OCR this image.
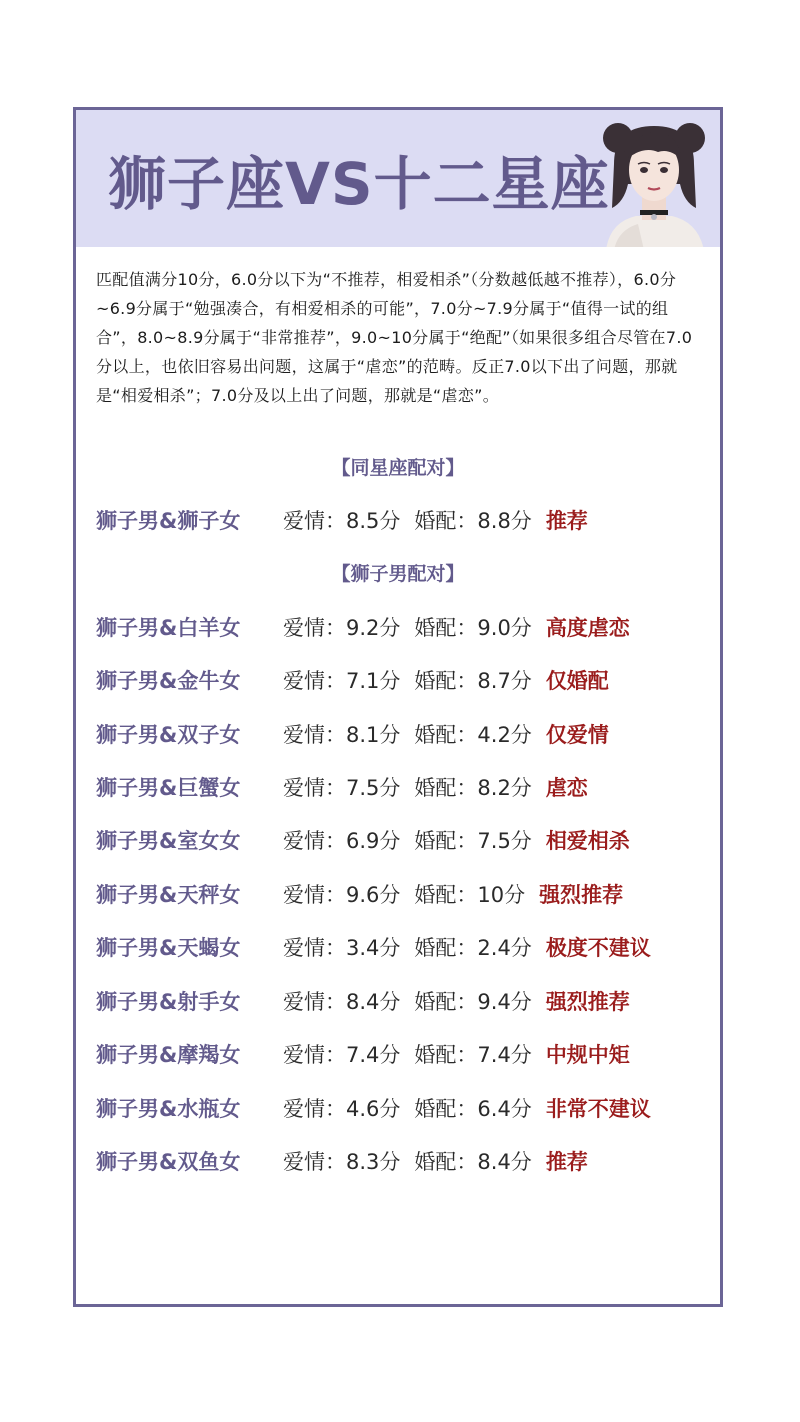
狮子座VS十二星座

匹配值满分10分，6.0分以下为“不推荐，相爱相杀”（分数越低越不推荐），6.0分~6.9分属于“勉强凑合，有相爱相杀的可能”，7.0分~7.9分属于“值得一试的组合”，8.0~8.9分属于“非常推荐”，9.0~10分属于“绝配”（如果很多组合尽管在7.0分以上，也依旧容易出问题，这属于“虐恋”的范畴。反正7.0以下出了问题，那就是“相爱相杀”；7.0分及以上出了问题，那就是“虐恋”。

【同星座配对】
狮子男&狮子女	爱情： 8.5分 婚配： 8.8分 推荐
【狮子男配对】
狮子男&白羊女	爱情： 9.2分 婚配： 9.0分 高度虐恋
狮子男&金牛女	爱情： 7.1分 婚配： 8.7分 仅婚配
狮子男&双子女	爱情： 8.1分 婚配： 4.2分 仅爱情
狮子男&巨蟹女	爱情： 7.5分 婚配： 8.2分 虐恋
狮子男&室女女	爱情： 6.9分 婚配： 7.5分 相爱相杀
狮子男&天秤女	爱情： 9.6分 婚配： 10分 强烈推荐
狮子男&天蝎女	爱情： 3.4分 婚配： 2.4分 极度不建议
狮子男&射手女	爱情： 8.4分 婚配： 9.4分 强烈推荐
狮子男&摩羯女	爱情： 7.4分 婚配： 7.4分 中规中矩
狮子男&水瓶女	爱情： 4.6分 婚配： 6.4分 非常不建议
狮子男&双鱼女	爱情： 8.3分 婚配： 8.4分 推荐
